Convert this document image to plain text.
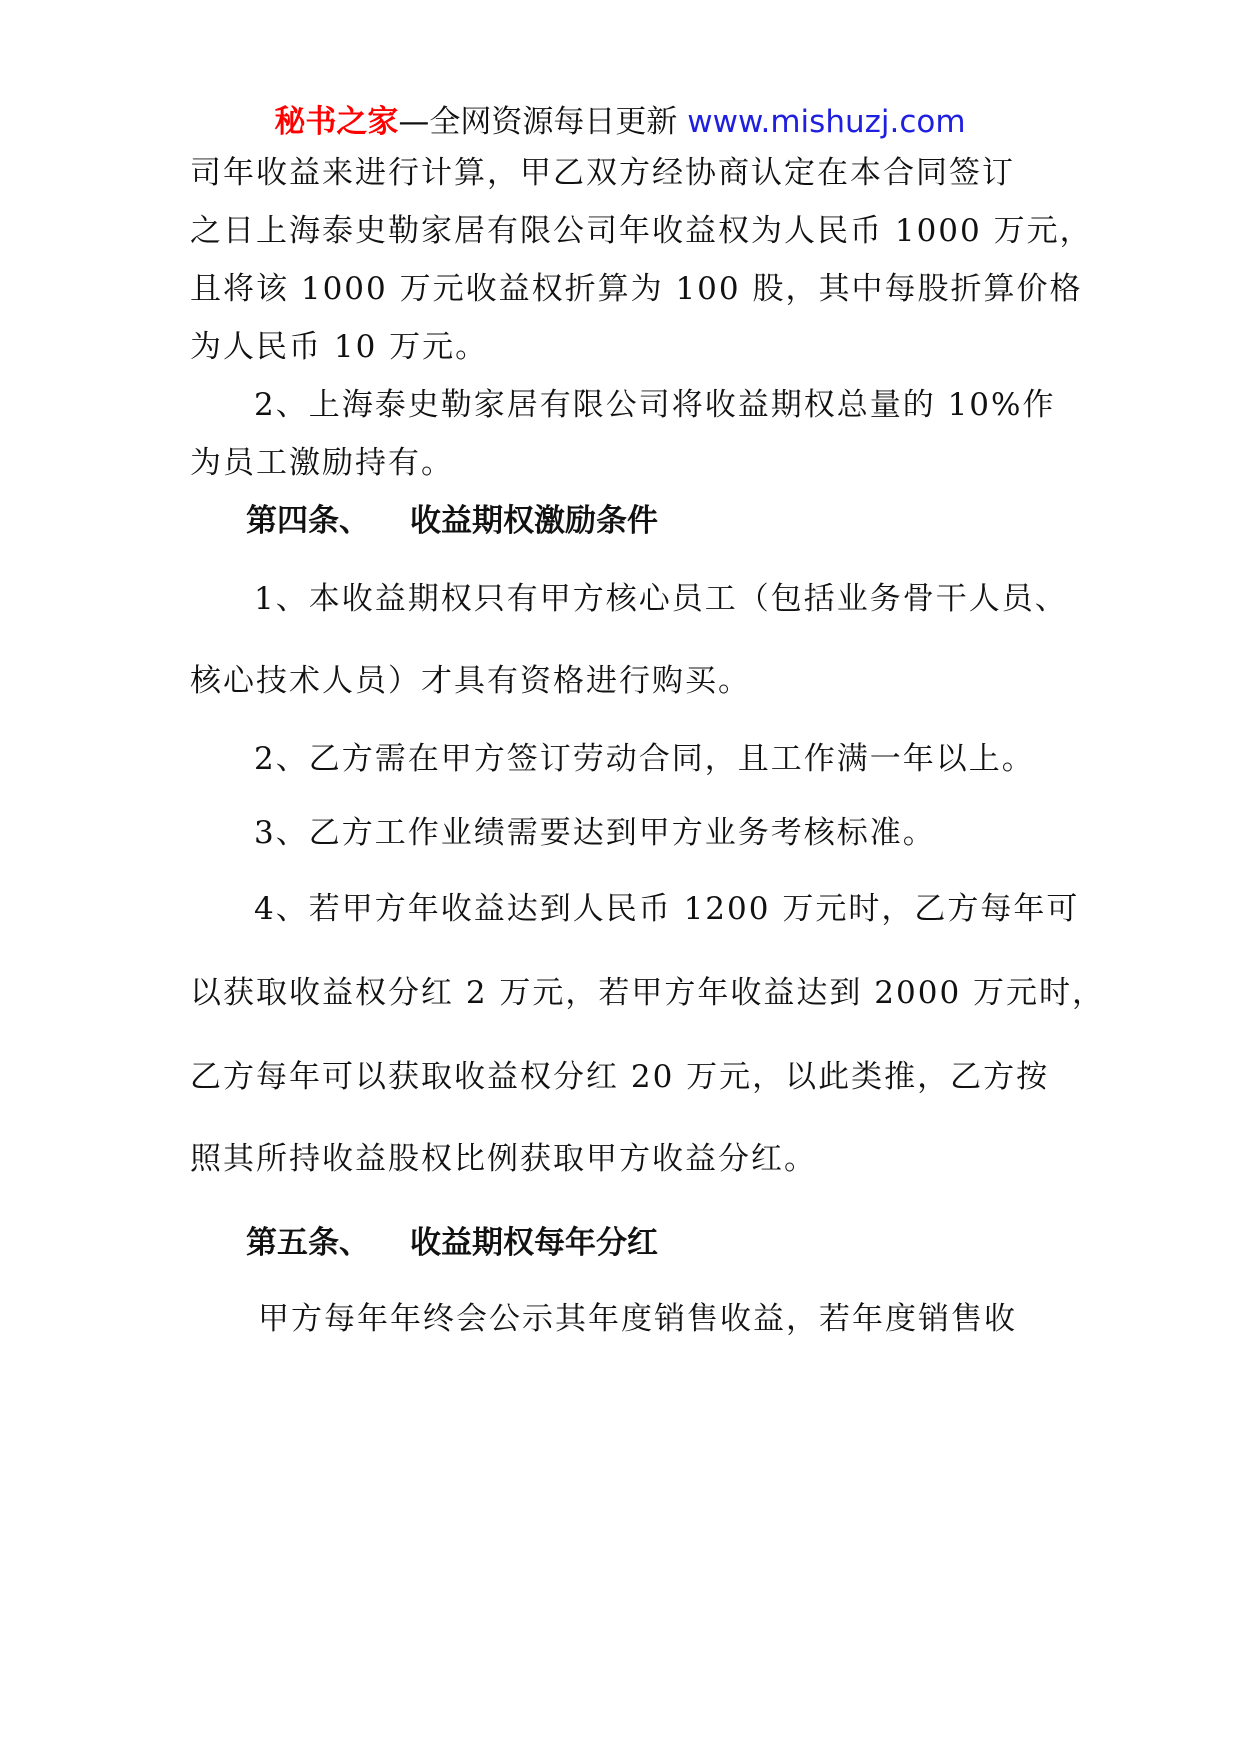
秘书之家—全网资源每日更新 www.mishuzj.com
司年收益来进行计算，甲乙双方经协商认定在本合同签订
之日上海泰史勒家居有限公司年收益权为人民币 1000 万元，
且将该 1000 万元收益权折算为 100 股，其中每股折算价格
为人民币 10 万元。
2、上海泰史勒家居有限公司将收益期权总量的 10%作
为员工激励持有。
第四条、 收益期权激励条件
1、本收益期权只有甲方核心员工（包括业务骨干人员、
核心技术人员）才具有资格进行购买。
2、乙方需在甲方签订劳动合同，且工作满一年以上。
3、乙方工作业绩需要达到甲方业务考核标准。
4、若甲方年收益达到人民币 1200 万元时，乙方每年可
以获取收益权分红 2 万元，若甲方年收益达到 2000 万元时，
乙方每年可以获取收益权分红 20 万元，以此类推，乙方按
照其所持收益股权比例获取甲方收益分红。
第五条、 收益期权每年分红
甲方每年年终会公示其年度销售收益，若年度销售收
